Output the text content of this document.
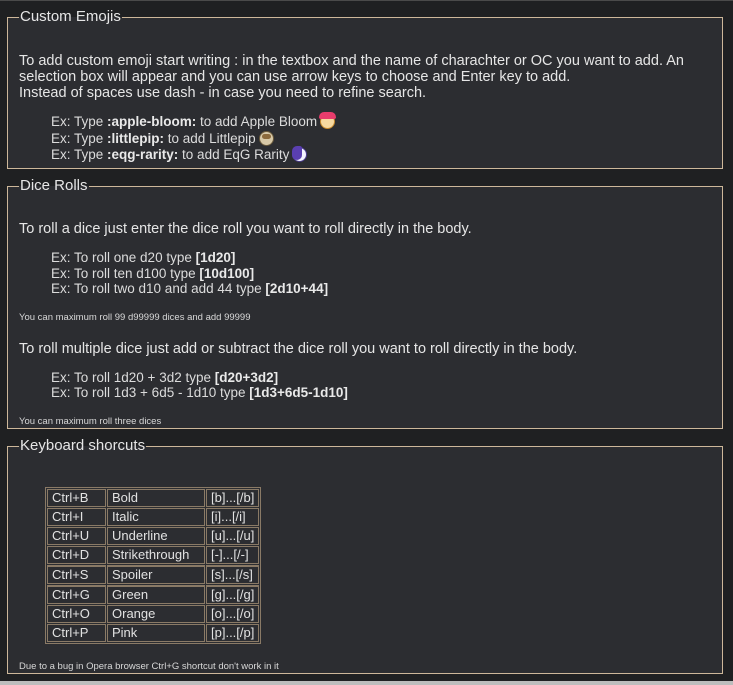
Custom Emojis
To add custom emoji start writing : in the textbox and the name of charachter or OC you want to add. An
selection box will appear and you can use arrow keys to choose and Enter key to add.
Instead of spaces use dash - in case you need to refine search.
Ex: Type :apple-bloom: to add Apple Bloom
Ex: Type :littlepip: to add Littlepip
Ex: Type :eqg-rarity: to add EqG Rarity
Dice Rolls
To roll a dice just enter the dice roll you want to roll directly in the body.
Ex: To roll one d20 type [1d20]
Ex: To roll ten d100 type [10d100]
Ex: To roll two d10 and add 44 type [2d10+44]
You can maximum roll 99 d99999 dices and add 99999
To roll multiple dice just add or subtract the dice roll you want to roll directly in the body.
Ex: To roll 1d20 + 3d2 type [d20+3d2]
Ex: To roll 1d3 + 6d5 - 1d10 type [1d3+6d5-1d10]
You can maximum roll three dices
Keyboard shorcuts
Ctrl+B	Bold	[b]...[/b]
Ctrl+I	Italic	[i]...[/i]
Ctrl+U	Underline	[u]...[/u]
Ctrl+D	Strikethrough	[-]...[/-]
Ctrl+S	Spoiler	[s]...[/s]
Ctrl+G	Green	[g]...[/g]
Ctrl+O	Orange	[o]...[/o]
Ctrl+P	Pink	[p]...[/p]
Due to a bug in Opera browser Ctrl+G shortcut don't work in it
